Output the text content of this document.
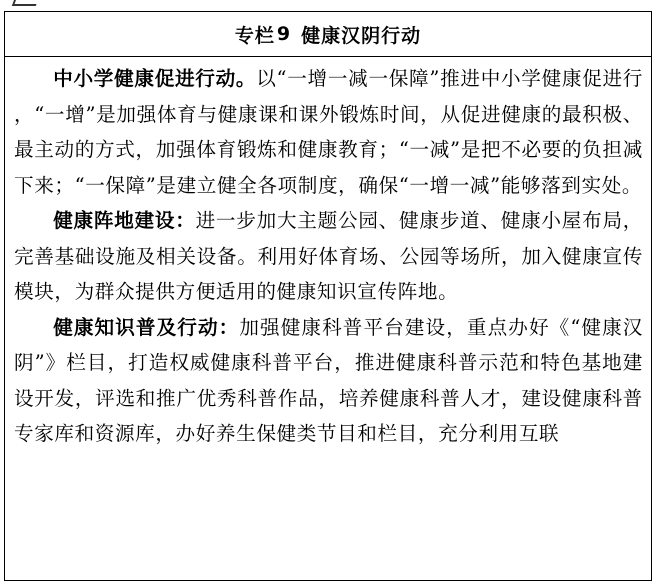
专栏 9 健康汉阴行动

中小学健康促进行动。以“一增一减一保障”推进中小学健康促进行 ，“一增”是加强体育与健康课和课外锻炼时间，从促进健康的最积极、最主动的方式，加强体育锻炼和健康教育；“一减”是把不必要的负担减下来；“一保障”是建立健全各项制度，确保“一增一减”能够落到实处。

健康阵地建设：进一步加大主题公园、健康步道、健康小屋布局，完善基础设施及相关设备。利用好体育场、公园等场所，加入健康宣传模块，为群众提供方便适用的健康知识宣传阵地。

健康知识普及行动：加强健康科普平台建设，重点办好《“健康汉阴”》栏目，打造权威健康科普平台，推进健康科普示范和特色基地建设开发，评选和推广优秀科普作品，培养健康科普人才，建设健康科普专家库和资源库，办好养生保健类节目和栏目，充分利用互联
